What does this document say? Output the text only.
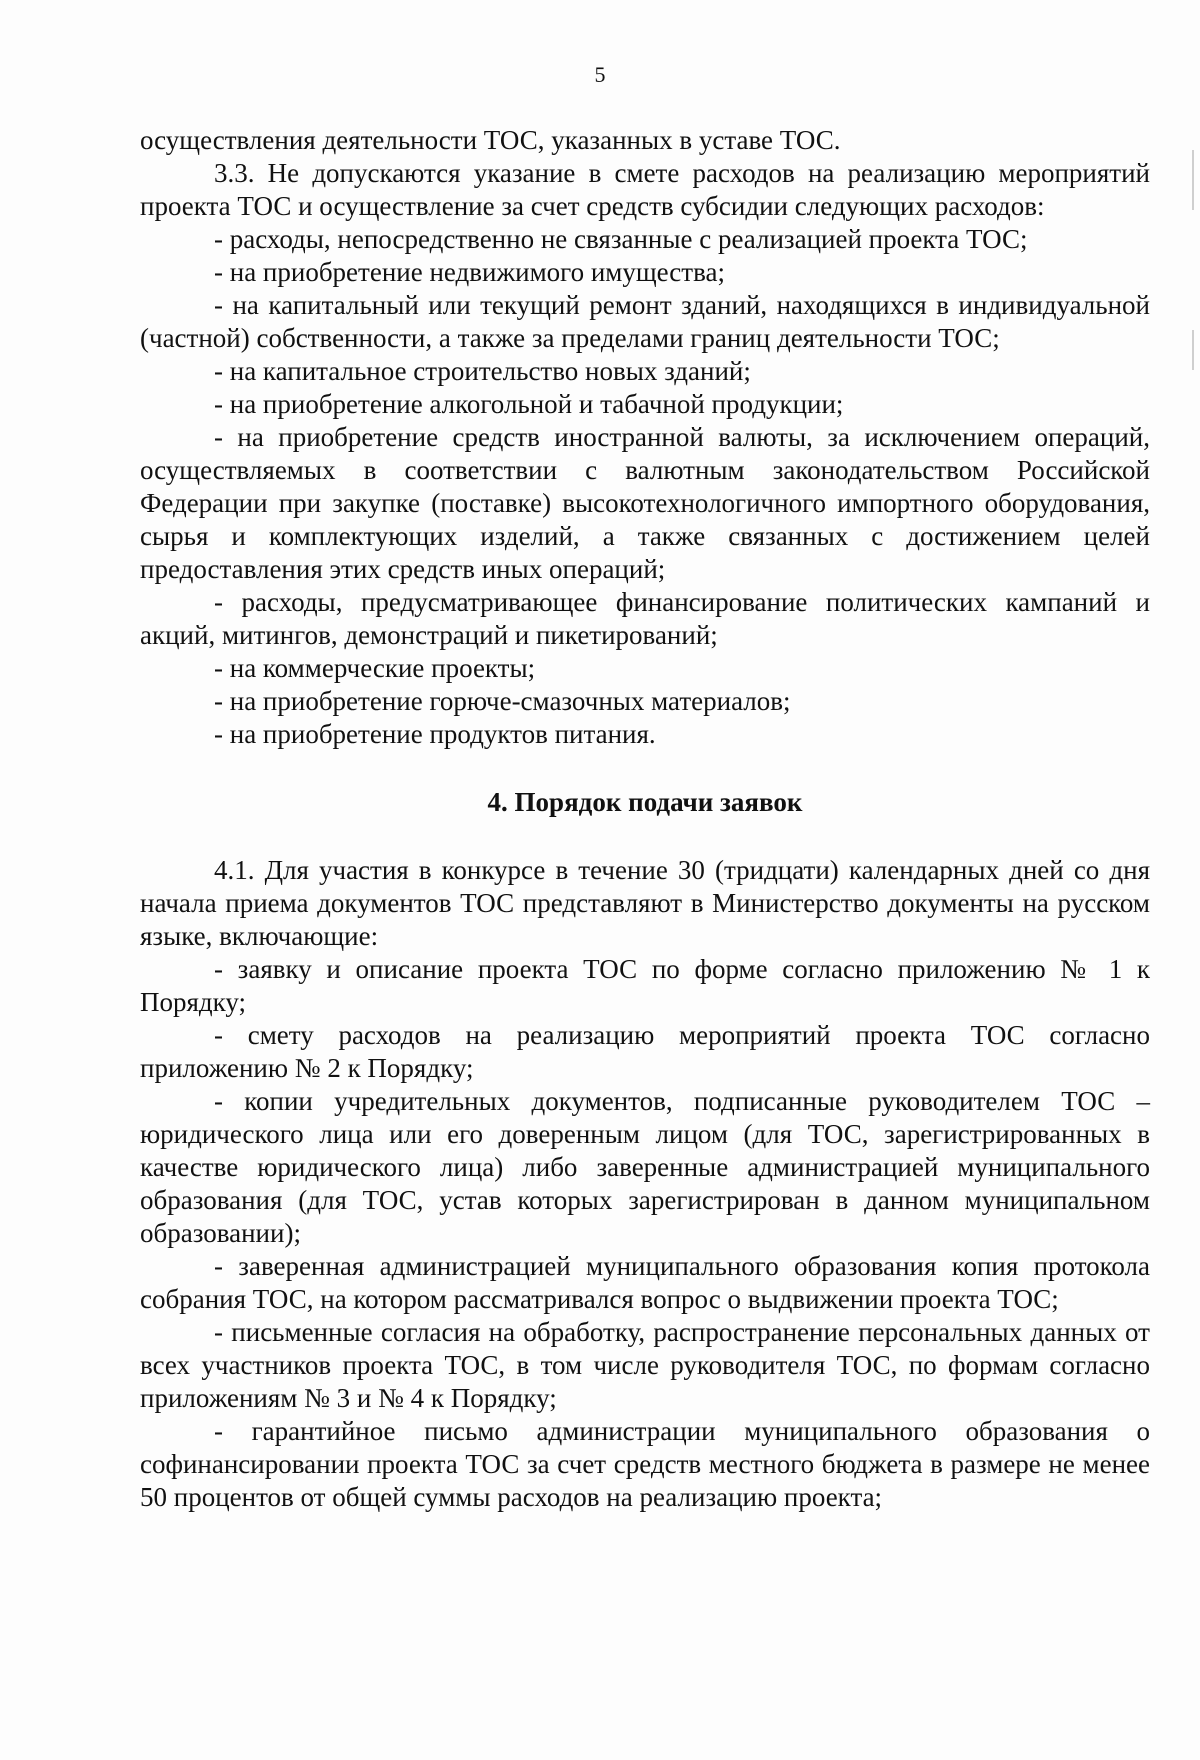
5

осуществления деятельности ТОС, указанных в уставе ТОС.

3.3. Не допускаются указание в смете расходов на реализацию мероприятий проекта ТОС и осуществление за счет средств субсидии следующих расходов:

- расходы, непосредственно не связанные с реализацией проекта ТОС;

- на приобретение недвижимого имущества;

- на капитальный или текущий ремонт зданий, находящихся в индивидуальной (частной) собственности, а также за пределами границ деятельности ТОС;

- на капитальное строительство новых зданий;

- на приобретение алкогольной и табачной продукции;

- на приобретение средств иностранной валюты, за исключением операций, осуществляемых в соответствии с валютным законодательством Российской Федерации при закупке (поставке) высокотехнологичного импортного оборудования, сырья и комплектующих изделий, а также связанных с достижением целей предоставления этих средств иных операций;

- расходы, предусматривающее финансирование политических кампаний и акций, митингов, демонстраций и пикетирований;

- на коммерческие проекты;

- на приобретение горюче-смазочных материалов;

- на приобретение продуктов питания.

4. Порядок подачи заявок

4.1. Для участия в конкурсе в течение 30 (тридцати) календарных дней со дня начала приема документов ТОС представляют в Министерство документы на русском языке, включающие:

- заявку и описание проекта ТОС по форме согласно приложению № 1 к Порядку;

- смету расходов на реализацию мероприятий проекта ТОС согласно приложению № 2 к Порядку;

- копии учредительных документов, подписанные руководителем ТОС – юридического лица или его доверенным лицом (для ТОС, зарегистрированных в качестве юридического лица) либо заверенные администрацией муниципального образования (для ТОС, устав которых зарегистрирован в данном муниципальном образовании);

- заверенная администрацией муниципального образования копия протокола собрания ТОС, на котором рассматривался вопрос о выдвижении проекта ТОС;

- письменные согласия на обработку, распространение персональных данных от всех участников проекта ТОС, в том числе руководителя ТОС, по формам согласно приложениям № 3 и № 4 к Порядку;

- гарантийное письмо администрации муниципального образования о софинансировании проекта ТОС за счет средств местного бюджета в размере не менее 50 процентов от общей суммы расходов на реализацию проекта;
